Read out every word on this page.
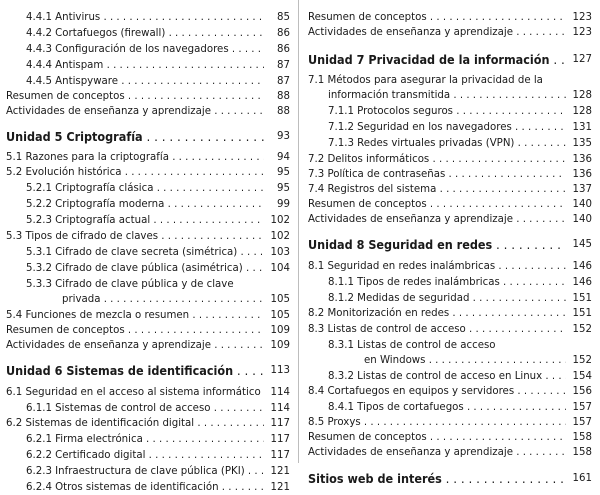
4.4.1 Antivirus . . .	85
4.4.2 Cortafuegos (firewall) . . .	86
4.4.3 Configuración de los navegadores . . .	86
4.4.4 Antispam . . .	87
4.4.5 Antispyware . . .	87
Resumen de conceptos . . .	88
Actividades de enseñanza y aprendizaje . . .	88
Unidad 5 Criptografía . . .	93
5.1 Razones para la criptografía . . .	94
5.2 Evolución histórica . . .	95
5.2.1 Criptografía clásica . . .	95
5.2.2 Criptografía moderna . . .	99
5.2.3 Criptografía actual . . .	102
5.3 Tipos de cifrado de claves . . .	102
5.3.1 Cifrado de clave secreta (simétrica) . . .	103
5.3.2 Cifrado de clave pública (asimétrica) . . .	104
5.3.3 Cifrado de clave pública y de clave
privada . . .	105
5.4 Funciones de mezcla o resumen . . .	105
Resumen de conceptos . . .	109
Actividades de enseñanza y aprendizaje . . .	109
Unidad 6 Sistemas de identificación . . .	113
6.1 Seguridad en el acceso al sistema informático . . . 114
6.1.1 Sistemas de control de acceso . . .	114
6.2 Sistemas de identificación digital . . .	117
6.2.1 Firma electrónica . . .	117
6.2.2 Certificado digital . . .	117
6.2.3 Infraestructura de clave pública (PKI) . . .	121
6.2.4 Otros sistemas de identificación . . .	121
Resumen de conceptos . . .	123
Actividades de enseñanza y aprendizaje . . .	123
Unidad 7 Privacidad de la información . . .	127
7.1 Métodos para asegurar la privacidad de la
información transmitida . . .	128
7.1.1 Protocolos seguros . . .	128
7.1.2 Seguridad en los navegadores . . .	131
7.1.3 Redes virtuales privadas (VPN) . . .	135
7.2 Delitos informáticos . . .	136
7.3 Política de contraseñas . . .	136
7.4 Registros del sistema . . .	137
Resumen de conceptos . . .	140
Actividades de enseñanza y aprendizaje . . .	140
Unidad 8 Seguridad en redes . . .	145
8.1 Seguridad en redes inalámbricas . . .	146
8.1.1 Tipos de redes inalámbricas . . .	146
8.1.2 Medidas de seguridad . . .	151
8.2 Monitorización en redes . . .	151
8.3 Listas de control de acceso . . .	152
8.3.1 Listas de control de acceso
en Windows . . .	152
8.3.2 Listas de control de acceso en Linux . . .	154
8.4 Cortafuegos en equipos y servidores . . .	156
8.4.1 Tipos de cortafuegos . . .	157
8.5 Proxys . . .	157
Resumen de conceptos . . .	158
Actividades de enseñanza y aprendizaje . . .	158
Sitios web de interés . . .	161
